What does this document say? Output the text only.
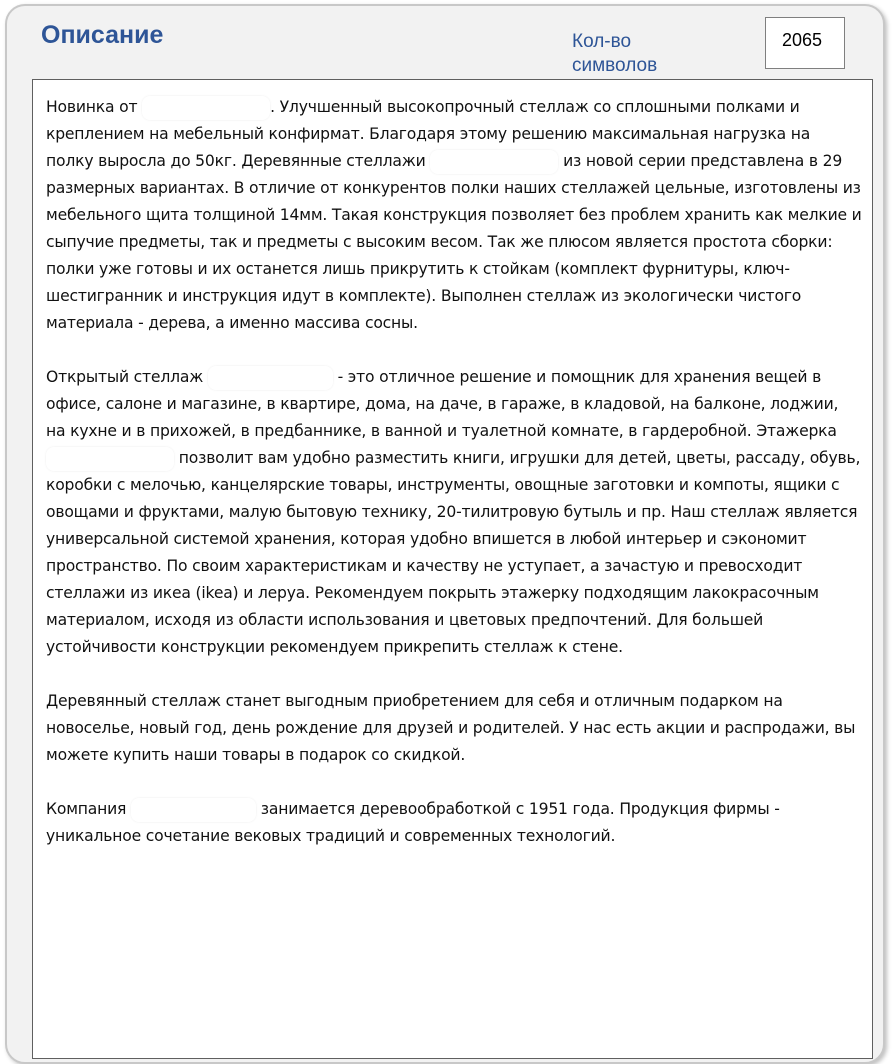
Описание	Кол-во символов
2065

Новинка от	. Улучшенный высокопрочный стеллаж со сплошными полками и креплением на мебельный конфирмат. Благодаря этому решению максимальная нагрузка на полку выросла до 50кг. Деревянные стеллажи	из новой серии представлена в 29 размерных вариантах. В отличие от конкурентов полки наших стеллажей цельные, изготовлены из мебельного щита толщиной 14мм. Такая конструкция позволяет без проблем хранить как мелкие и сыпучие предметы, так и предметы с высоким весом. Так же плюсом является простота сборки: полки уже готовы и их останется лишь прикрутить к стойкам (комплект фурнитуры, ключ-шестигранник и инструкция идут в комплекте). Выполнен стеллаж из экологически чистого материала - дерева, а именно массива сосны.

Открытый стеллаж	- это отличное решение и помощник для хранения вещей в офисе, салоне и магазине, в квартире, дома, на даче, в гараже, в кладовой, на балконе, лоджии, на кухне и в прихожей, в предбаннике, в ванной и туалетной комнате, в гардеробной. Этажерка  позволит вам удобно разместить книги, игрушки для детей, цветы, рассаду, обувь, коробки с мелочью, канцелярские товары, инструменты, овощные заготовки и компоты, ящики с овощами и фруктами, малую бытовую технику, 20-тилитровую бутыль и пр. Наш стеллаж является универсальной системой хранения, которая удобно впишется в любой интерьер и сэкономит пространство. По своим характеристикам и качеству не уступает, а зачастую и превосходит стеллажи из икеа (ikea) и леруа. Рекомендуем покрыть этажерку подходящим лакокрасочным материалом, исходя из области использования и цветовых предпочтений. Для большей устойчивости конструкции рекомендуем прикрепить стеллаж к стене.

Деревянный стеллаж станет выгодным приобретением для себя и отличным подарком на новоселье, новый год, день рождение для друзей и родителей. У нас есть акции и распродажи, вы можете купить наши товары в подарок со скидкой.

Компания	занимается деревообработкой с 1951 года. Продукция фирмы - уникальное сочетание вековых традиций и современных технологий.
